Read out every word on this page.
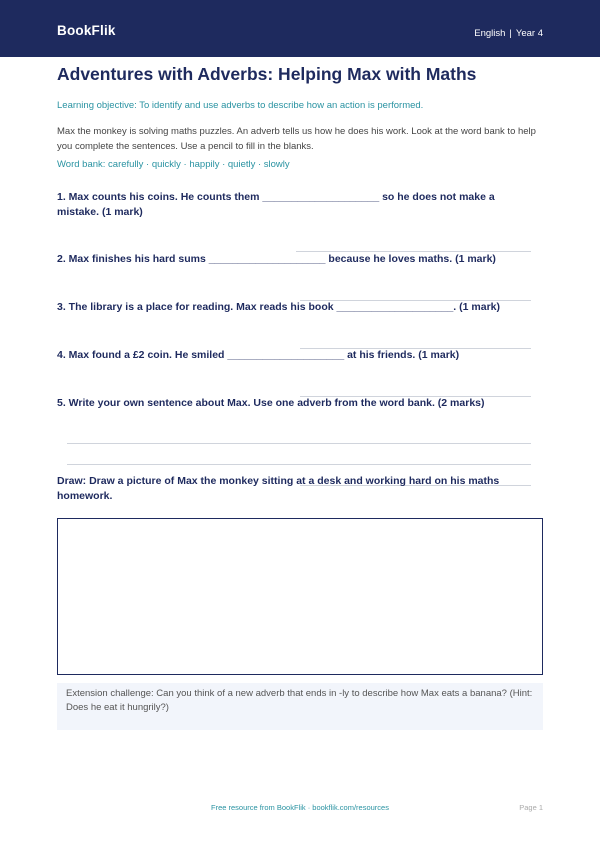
BookFlik	English | Year 4
Adventures with Adverbs: Helping Max with Maths
Learning objective: To identify and use adverbs to describe how an action is performed.
Max the monkey is solving maths puzzles. An adverb tells us how he does his work. Look at the word bank to help you complete the sentences. Use a pencil to fill in the blanks.
Word bank: carefully · quickly · happily · quietly · slowly
1. Max counts his coins. He counts them ____________________ so he does not make a mistake. (1 mark)
2. Max finishes his hard sums ____________________ because he loves maths. (1 mark)
3. The library is a place for reading. Max reads his book ____________________. (1 mark)
4. Max found a £2 coin. He smiled ____________________ at his friends. (1 mark)
5. Write your own sentence about Max. Use one adverb from the word bank. (2 marks)
Draw: Draw a picture of Max the monkey sitting at a desk and working hard on his maths homework.
Extension challenge: Can you think of a new adverb that ends in -ly to describe how Max eats a banana? (Hint: Does he eat it hungrily?)
Free resource from BookFlik · bookflik.com/resources	Page 1
